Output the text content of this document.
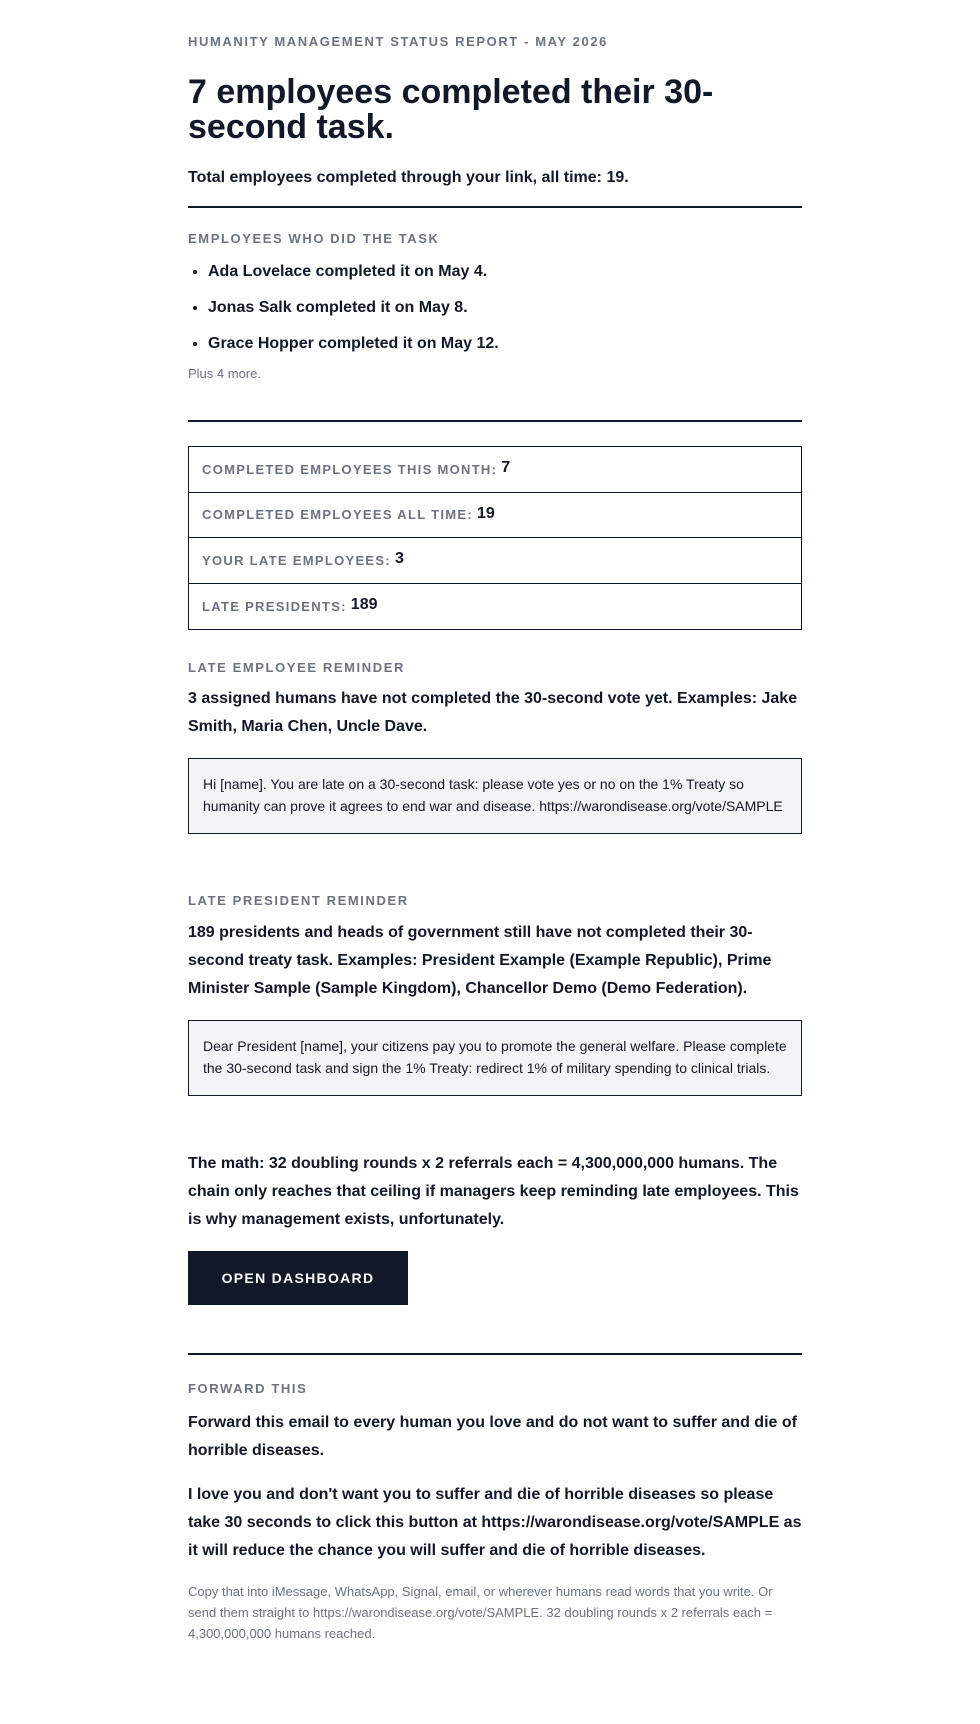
HUMANITY MANAGEMENT STATUS REPORT - MAY 2026
7 employees completed their 30-second task.

Total employees completed through your link, all time: 19.

EMPLOYEES WHO DID THE TASK
• Ada Lovelace completed it on May 4.
• Jonas Salk completed it on May 8.
• Grace Hopper completed it on May 12.

Plus 4 more.

COMPLETED EMPLOYEES THIS MONTH: 7
COMPLETED EMPLOYEES ALL TIME: 19
YOUR LATE EMPLOYEES: 3
LATE PRESIDENTS: 189
LATE EMPLOYEE REMINDER

3 assigned humans have not completed the 30-second vote yet. Examples: Jake Smith, Maria Chen, Uncle Dave.

Hi [name]. You are late on a 30-second task: please vote yes or no on the 1% Treaty so humanity can prove it agrees to end war and disease. https://warondisease.org/vote/SAMPLE
LATE PRESIDENT REMINDER

189 presidents and heads of government still have not completed their 30-second treaty task. Examples: President Example (Example Republic), Prime Minister Sample (Sample Kingdom), Chancellor Demo (Demo Federation).

Dear President [name], your citizens pay you to promote the general welfare. Please complete the 30-second task and sign the 1% Treaty: redirect 1% of military spending to clinical trials.

The math: 32 doubling rounds x 2 referrals each = 4,300,000,000 humans. The chain only reaches that ceiling if managers keep reminding late employees. This is why management exists, unfortunately.

OPEN DASHBOARD
FORWARD THIS

Forward this email to every human you love and do not want to suffer and die of horrible diseases.

I love you and don't want you to suffer and die of horrible diseases so please take 30 seconds to click this button at https://warondisease.org/vote/SAMPLE as it will reduce the chance you will suffer and die of horrible diseases.

Copy that into iMessage, WhatsApp, Signal, email, or wherever humans read words that you write. Or send them straight to https://warondisease.org/vote/SAMPLE. 32 doubling rounds x 2 referrals each = 4,300,000,000 humans reached.
